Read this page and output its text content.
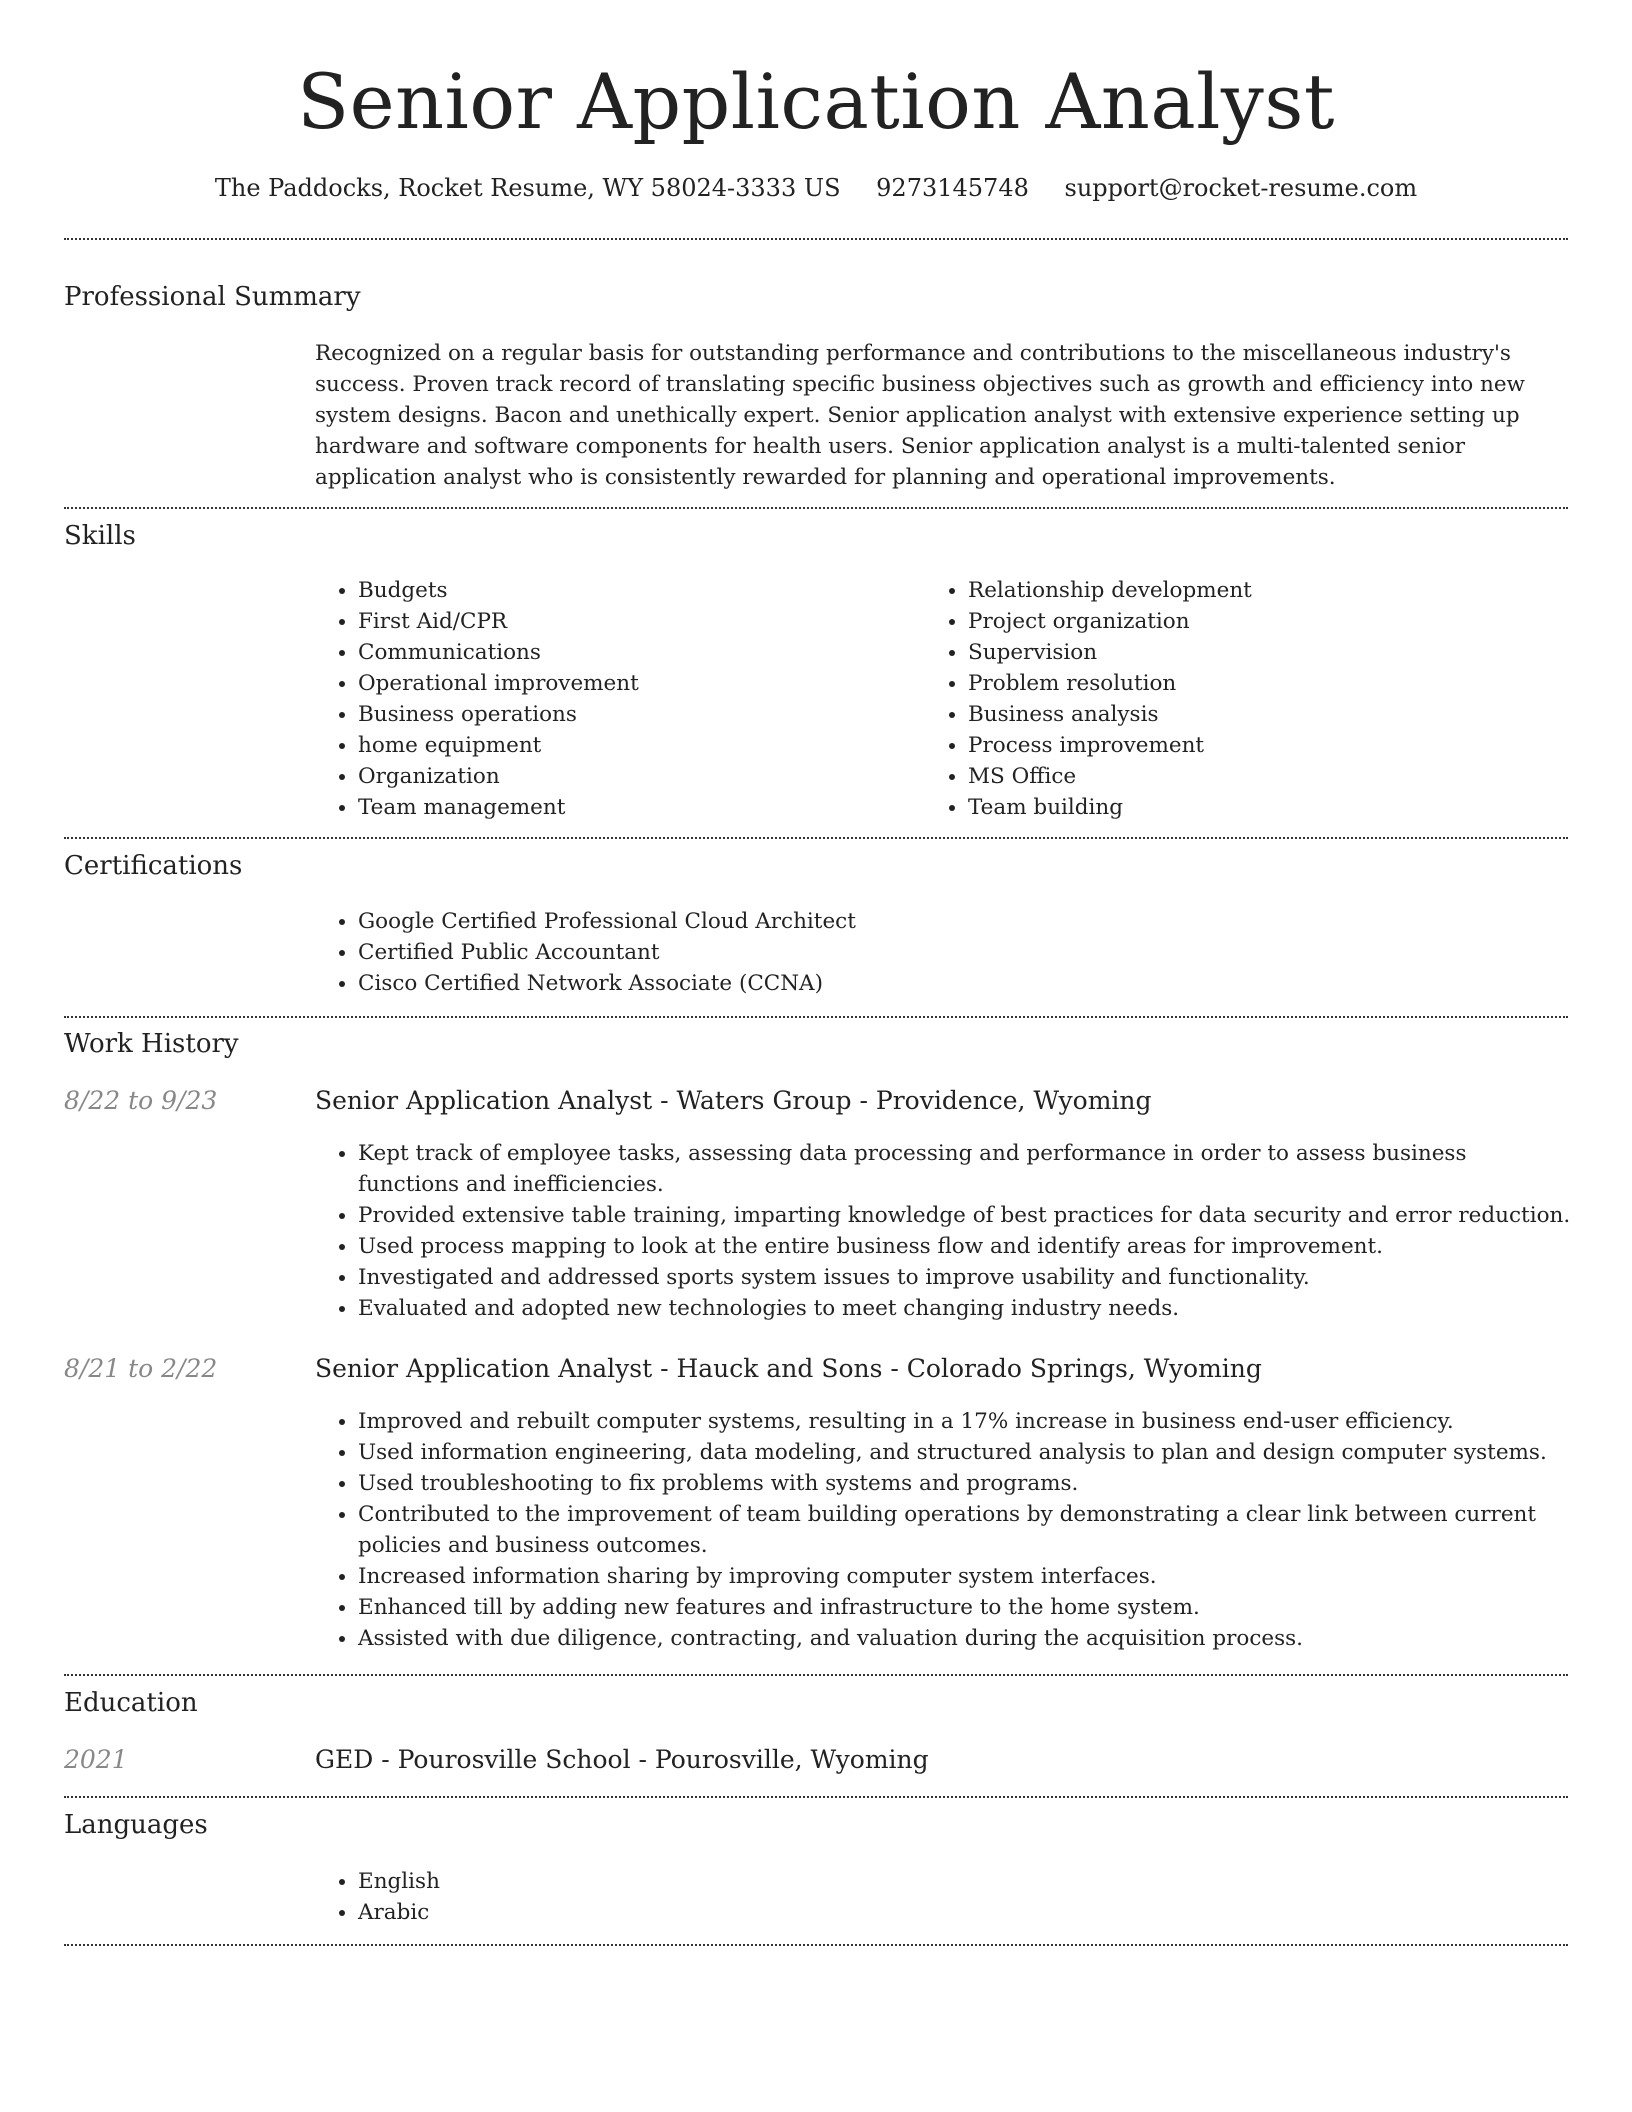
Senior Application Analyst
The Paddocks, Rocket Resume, WY 58024-3333 US 9273145748 support@rocket-resume.com
Professional Summary

Recognized on a regular basis for outstanding performance and contributions to the miscellaneous industry's success. Proven track record of translating specific business objectives such as growth and efficiency into new system designs. Bacon and unethically expert. Senior application analyst with extensive experience setting up hardware and software components for health users. Senior application analyst is a multi-talented senior application analyst who is consistently rewarded for planning and operational improvements.

Skills
• Budgets
• First Aid/CPR
• Communications
• Operational improvement
• Business operations
• home equipment
• Organization
• Team management
• Relationship development
• Project organization
• Supervision
• Problem resolution
• Business analysis
• Process improvement
• MS Office
• Team building
Certifications
• Google Certified Professional Cloud Architect
• Certified Public Accountant
• Cisco Certified Network Associate (CCNA)
Work History
8/22 to 9/23	Senior Application Analyst - Waters Group - Providence, Wyoming
• Kept track of employee tasks, assessing data processing and performance in order to assess business functions and inefficiencies.
• Provided extensive table training, imparting knowledge of best practices for data security and error reduction.
• Used process mapping to look at the entire business flow and identify areas for improvement.
• Investigated and addressed sports system issues to improve usability and functionality.
• Evaluated and adopted new technologies to meet changing industry needs.
8/21 to 2/22	Senior Application Analyst - Hauck and Sons - Colorado Springs, Wyoming
• Improved and rebuilt computer systems, resulting in a 17% increase in business end-user efficiency.
• Used information engineering, data modeling, and structured analysis to plan and design computer systems.
• Used troubleshooting to fix problems with systems and programs.
• Contributed to the improvement of team building operations by demonstrating a clear link between current policies and business outcomes.
• Increased information sharing by improving computer system interfaces.
• Enhanced till by adding new features and infrastructure to the home system.
• Assisted with due diligence, contracting, and valuation during the acquisition process.
Education
2021	GED - Pourosville School - Pourosville, Wyoming
Languages
• English
• Arabic
